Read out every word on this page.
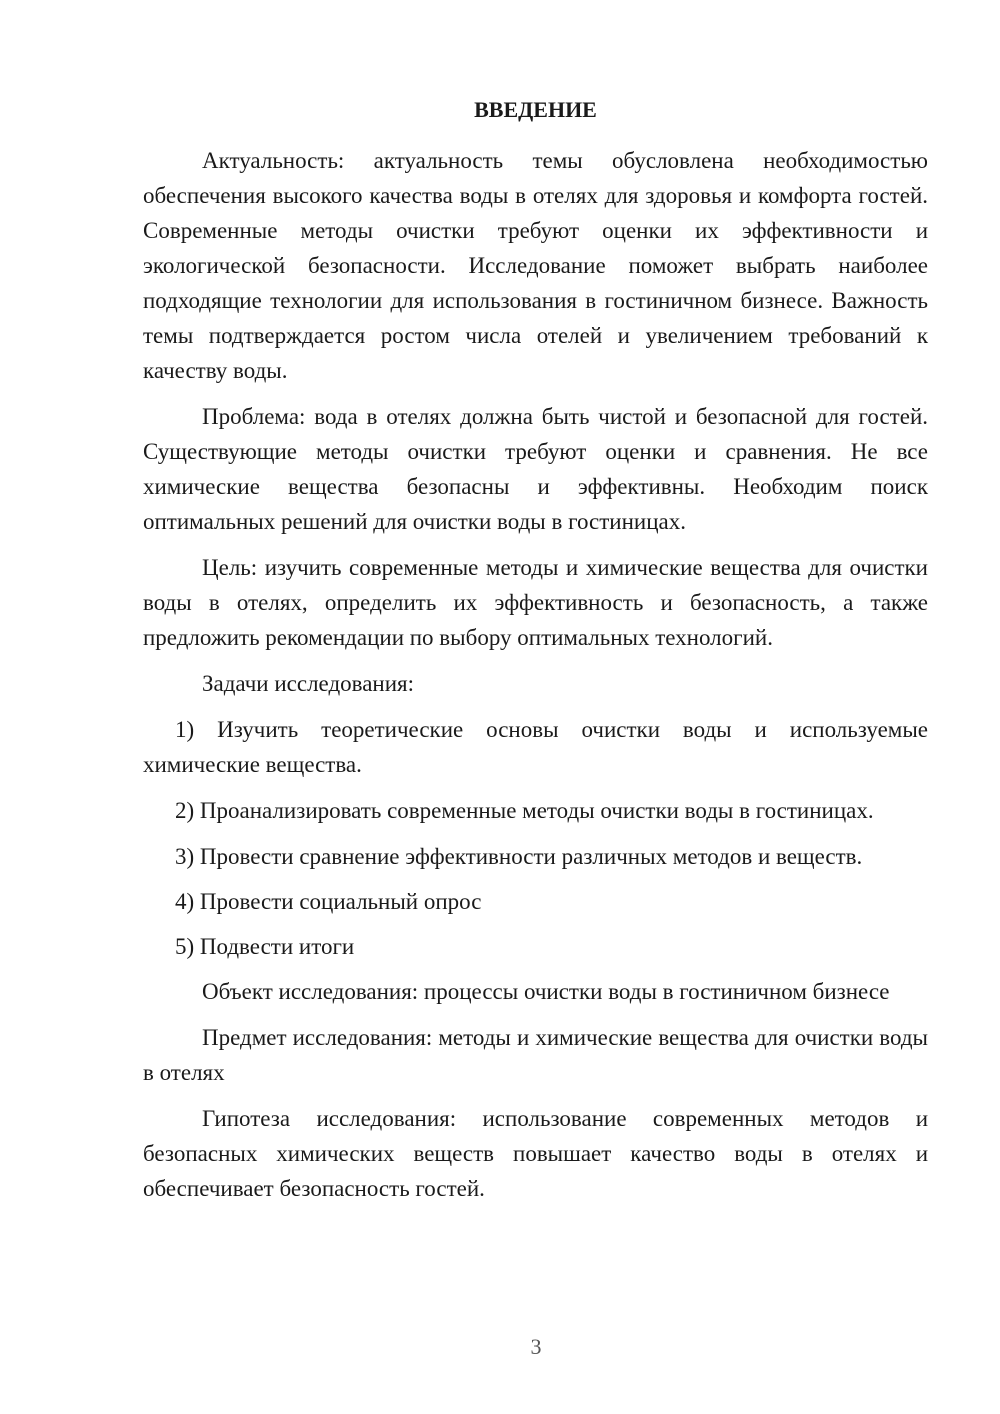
ВВЕДЕНИЕ

Актуальность: актуальность темы обусловлена необходимостью обеспечения высокого качества воды в отелях для здоровья и комфорта гостей. Современные методы очистки требуют оценки их эффективности и экологической безопасности. Исследование поможет выбрать наиболее подходящие технологии для использования в гостиничном бизнесе. Важность темы подтверждается ростом числа отелей и увеличением требований к качеству воды.

Проблема: вода в отелях должна быть чистой и безопасной для гостей. Существующие методы очистки требуют оценки и сравнения. Не все химические вещества безопасны и эффективны. Необходим поиск оптимальных решений для очистки воды в гостиницах.

Цель: изучить современные методы и химические вещества для очистки воды в отелях, определить их эффективность и безопасность, а также предложить рекомендации по выбору оптимальных технологий.

Задачи исследования:

1) Изучить теоретические основы очистки воды и используемые химические вещества.

2) Проанализировать современные методы очистки воды в гостиницах.

3) Провести сравнение эффективности различных методов и веществ.

4) Провести социальный опрос

5) Подвести итоги

Объект исследования: процессы очистки воды в гостиничном бизнесе

Предмет исследования: методы и химические вещества для очистки воды в отелях

Гипотеза исследования: использование современных методов и безопасных химических веществ повышает качество воды в отелях и обеспечивает безопасность гостей.

3
